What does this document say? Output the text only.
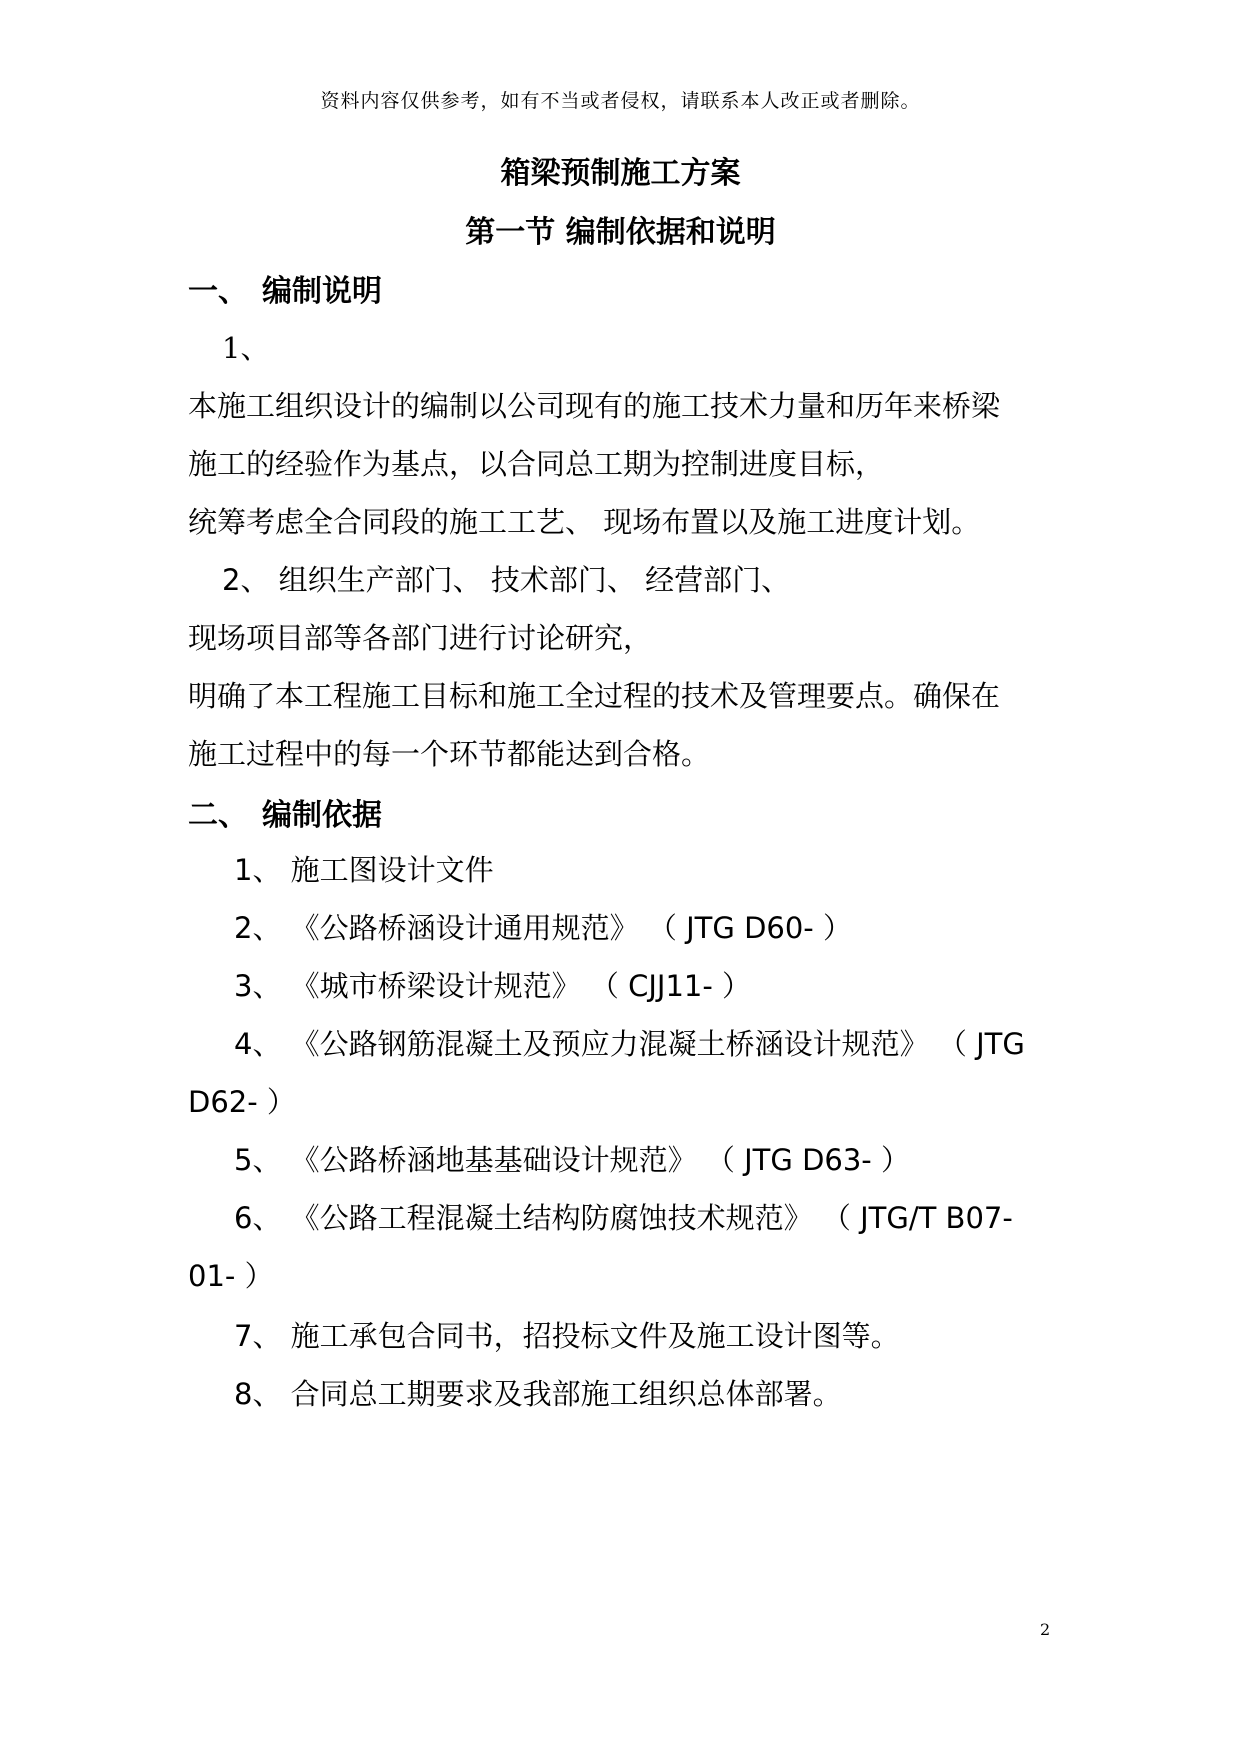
资料内容仅供参考，如有不当或者侵权，请联系本人改正或者删除。
箱梁预制施工方案
第一节 编制依据和说明
一、 编制说明
1、
本施工组织设计的编制以公司现有的施工技术力量和历年来桥梁
施工的经验作为基点，以合同总工期为控制进度目标，
统筹考虑全合同段的施工工艺、 现场布置以及施工进度计划。
2、 组织生产部门、 技术部门、 经营部门、
现场项目部等各部门进行讨论研究，
明确了本工程施工目标和施工全过程的技术及管理要点。确保在
施工过程中的每一个环节都能达到合格。
二、 编制依据
1、 施工图设计文件
2、 《公路桥涵设计通用规范》 （ JTG D60- ）
3、 《城市桥梁设计规范》 （ CJJ11- ）
4、 《公路钢筋混凝土及预应力混凝土桥涵设计规范》 （ JTG
D62- ）
5、 《公路桥涵地基基础设计规范》 （ JTG D63- ）
6、 《公路工程混凝土结构防腐蚀技术规范》 （ JTG/T B07-
01- ）
7、 施工承包合同书，招投标文件及施工设计图等。
8、 合同总工期要求及我部施工组织总体部署。
2
